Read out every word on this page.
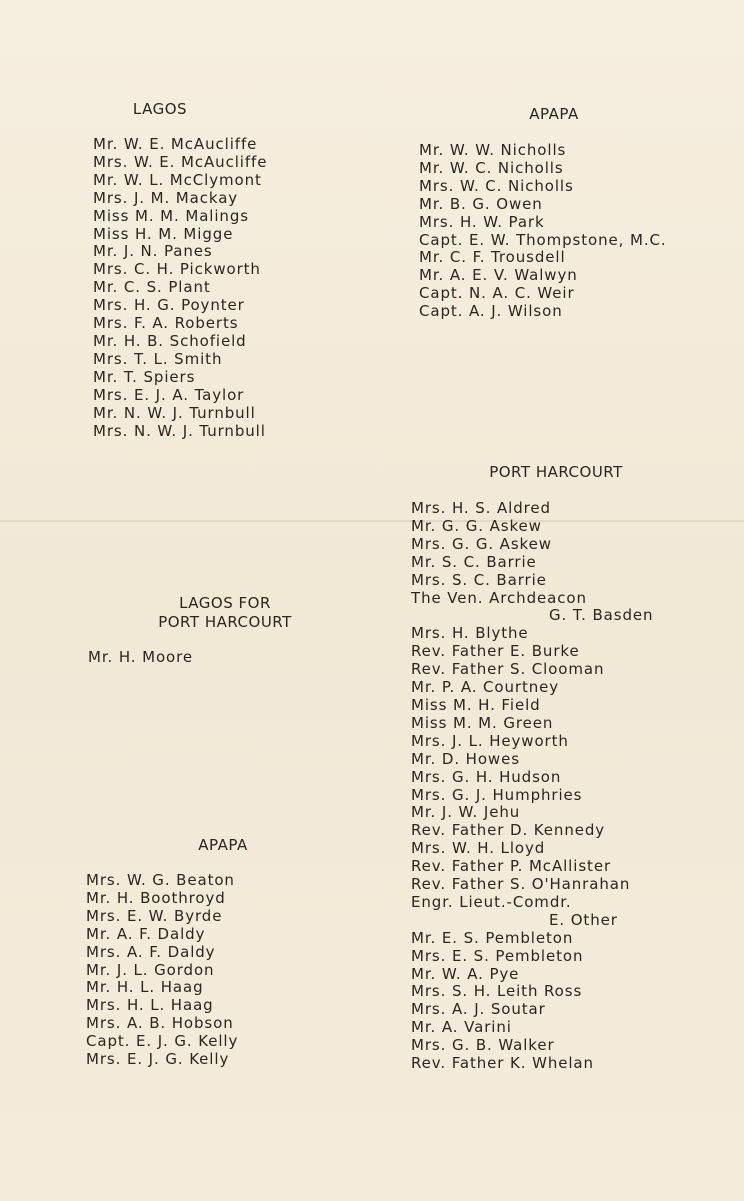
LAGOS
Mr. W. E. McAucliffe
Mrs. W. E. McAucliffe
Mr. W. L. McClymont
Mrs. J. M. Mackay
Miss M. M. Malings
Miss H. M. Migge
Mr. J. N. Panes
Mrs. C. H. Pickworth
Mr. C. S. Plant
Mrs. H. G. Poynter
Mrs. F. A. Roberts
Mr. H. B. Schofield
Mrs. T. L. Smith
Mr. T. Spiers
Mrs. E. J. A. Taylor
Mr. N. W. J. Turnbull
Mrs. N. W. J. Turnbull
APAPA
Mr. W. W. Nicholls
Mr. W. C. Nicholls
Mrs. W. C. Nicholls
Mr. B. G. Owen
Mrs. H. W. Park
Capt. E. W. Thompstone, M.C.
Mr. C. F. Trousdell
Mr. A. E. V. Walwyn
Capt. N. A. C. Weir
Capt. A. J. Wilson
LAGOS FOR
PORT HARCOURT
Mr. H. Moore
PORT HARCOURT
Mrs. H. S. Aldred
Mr. G. G. Askew
Mrs. G. G. Askew
Mr. S. C. Barrie
Mrs. S. C. Barrie
The Ven. Archdeacon
G. T. Basden
Mrs. H. Blythe
Rev. Father E. Burke
Rev. Father S. Clooman
Mr. P. A. Courtney
Miss M. H. Field
Miss M. M. Green
Mrs. J. L. Heyworth
Mr. D. Howes
Mrs. G. H. Hudson
Mrs. G. J. Humphries
Mr. J. W. Jehu
Rev. Father D. Kennedy
Mrs. W. H. Lloyd
Rev. Father P. McAllister
Rev. Father S. O'Hanrahan
Engr. Lieut.-Comdr.
E. Other
Mr. E. S. Pembleton
Mrs. E. S. Pembleton
Mr. W. A. Pye
Mrs. S. H. Leith Ross
Mrs. A. J. Soutar
Mr. A. Varini
Mrs. G. B. Walker
Rev. Father K. Whelan
APAPA
Mrs. W. G. Beaton
Mr. H. Boothroyd
Mrs. E. W. Byrde
Mr. A. F. Daldy
Mrs. A. F. Daldy
Mr. J. L. Gordon
Mr. H. L. Haag
Mrs. H. L. Haag
Mrs. A. B. Hobson
Capt. E. J. G. Kelly
Mrs. E. J. G. Kelly
